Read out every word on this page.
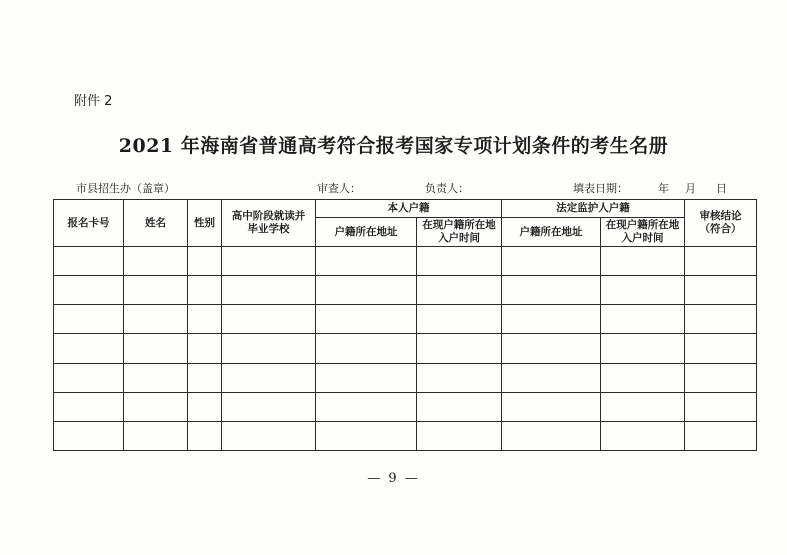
附件 2
2021 年海南省普通高考符合报考国家专项计划条件的考生名册
市县招生办（盖章）	审查人：	负责人：	填表日期：	年 月 日
报名卡号	姓名	性别	高中阶段就读并毕业学校	本人户籍		法定监护人户籍		审核结论（符合）
				户籍所在地址	在现户籍所在地入户时间	户籍所在地址	在现户籍所在地入户时间	

— 9 —
